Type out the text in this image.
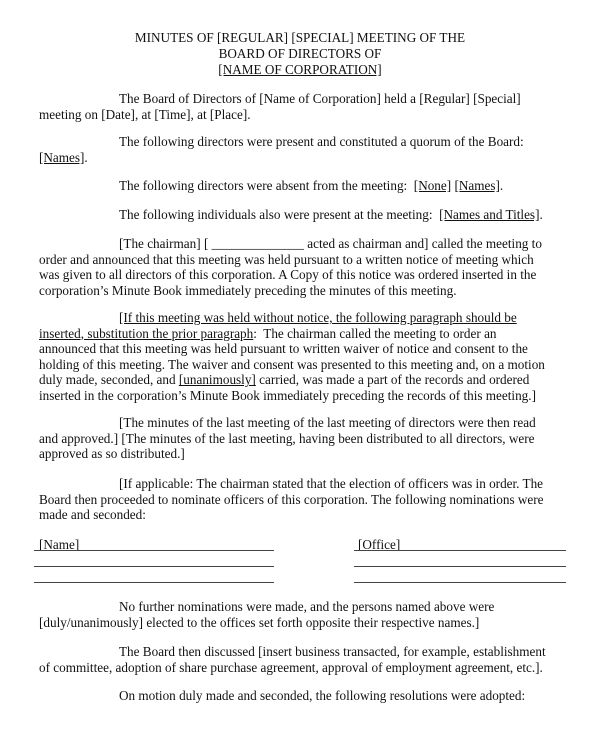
MINUTES OF [REGULAR] [SPECIAL] MEETING OF THE
BOARD OF DIRECTORS OF
[NAME OF CORPORATION]
The Board of Directors of [Name of Corporation] held a [Regular] [Special]
meeting on [Date], at [Time], at [Place].
The following directors were present and constituted a quorum of the Board:
[Names].
The following directors were absent from the meeting:  [None] [Names].
The following individuals also were present at the meeting:  [Names and Titles].
[The chairman] [ ______________ acted as chairman and] called the meeting to
order and announced that this meeting was held pursuant to a written notice of meeting which
was given to all directors of this corporation. A Copy of this notice was ordered inserted in the
corporation’s Minute Book immediately preceding the minutes of this meeting.
[If this meeting was held without notice, the following paragraph should be
inserted, substitution the prior paragraph:  The chairman called the meeting to order an
announced that this meeting was held pursuant to written waiver of notice and consent to the
holding of this meeting. The waiver and consent was presented to this meeting and, on a motion
duly made, seconded, and [unanimously] carried, was made a part of the records and ordered
inserted in the corporation’s Minute Book immediately preceding the records of this meeting.]
[The minutes of the last meeting of the last meeting of directors were then read
and approved.] [The minutes of the last meeting, having been distributed to all directors, were
approved as so distributed.]
[If applicable: The chairman stated that the election of officers was in order. The
Board then proceeded to nominate officers of this corporation. The following nominations were
made and seconded:
[Name]	[Office]
No further nominations were made, and the persons named above were
[duly/unanimously] elected to the offices set forth opposite their respective names.]
The Board then discussed [insert business transacted, for example, establishment
of committee, adoption of share purchase agreement, approval of employment agreement, etc.].
On motion duly made and seconded, the following resolutions were adopted:
